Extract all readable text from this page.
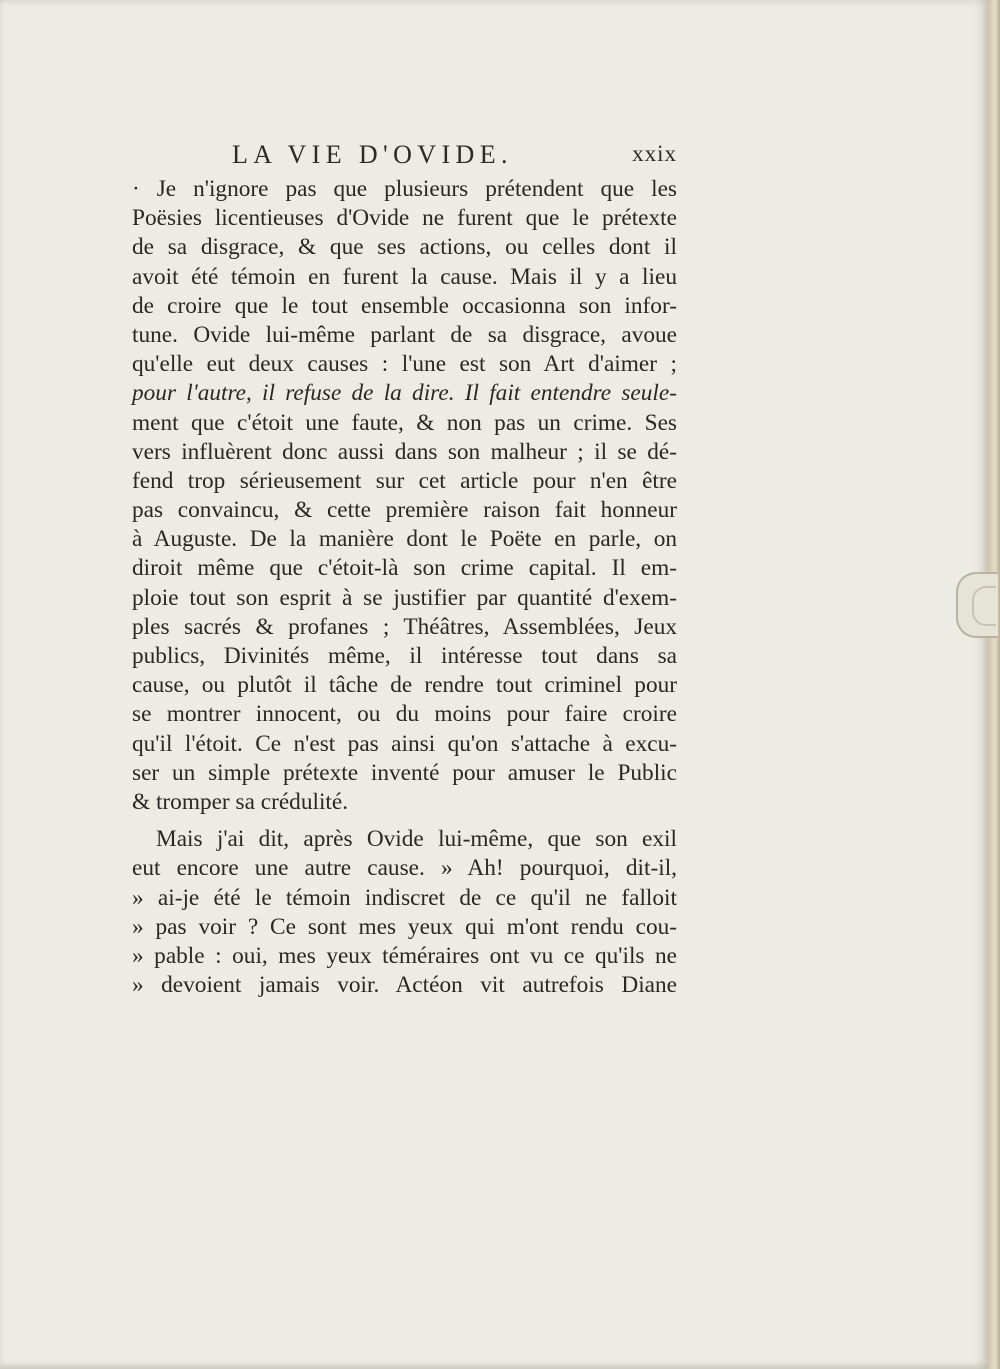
LA VIE D'OVIDE.	xxix
· Je n'ignore pas que plusieurs prétendent que les
Poësies licentieuses d'Ovide ne furent que le prétexte
de sa disgrace, & que ses actions, ou celles dont il
avoit été témoin en furent la cause. Mais il y a lieu
de croire que le tout ensemble occasionna son infor-
tune. Ovide lui-même parlant de sa disgrace, avoue
qu'elle eut deux causes : l'une est son Art d'aimer ;
pour l'autre, il refuse de la dire. Il fait entendre seule-
ment que c'étoit une faute, & non pas un crime. Ses
vers influèrent donc aussi dans son malheur ; il se dé-
fend trop sérieusement sur cet article pour n'en être
pas convaincu, & cette première raison fait honneur
à Auguste. De la manière dont le Poëte en parle, on
diroit même que c'étoit-là son crime capital. Il em-
ploie tout son esprit à se justifier par quantité d'exem-
ples sacrés & profanes ; Théâtres, Assemblées, Jeux
publics, Divinités même, il intéresse tout dans sa
cause, ou plutôt il tâche de rendre tout criminel pour
se montrer innocent, ou du moins pour faire croire
qu'il l'étoit. Ce n'est pas ainsi qu'on s'attache à excu-
ser un simple prétexte inventé pour amuser le Public
& tromper sa crédulité.
Mais j'ai dit, après Ovide lui-même, que son exil
eut encore une autre cause. » Ah! pourquoi, dit-il,
» ai-je été le témoin indiscret de ce qu'il ne falloit
» pas voir ? Ce sont mes yeux qui m'ont rendu cou-
» pable : oui, mes yeux téméraires ont vu ce qu'ils ne
» devoient jamais voir. Actéon vit autrefois Diane
